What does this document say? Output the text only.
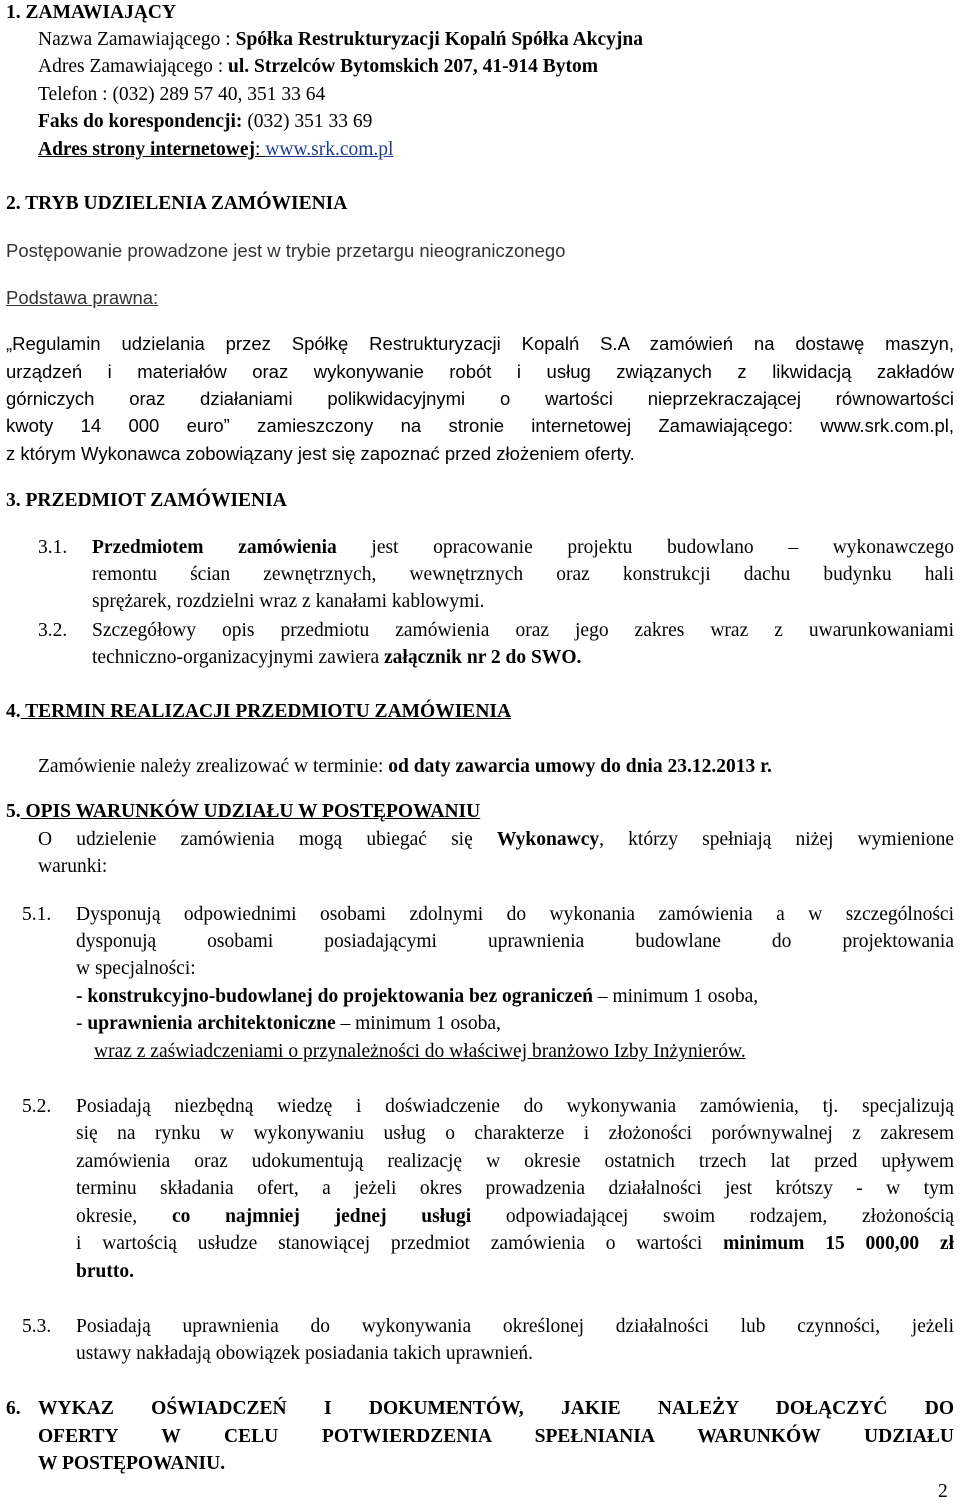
1. ZAMAWIAJĄCY
Nazwa Zamawiającego : Spółka Restrukturyzacji Kopalń Spółka Akcyjna
Adres Zamawiającego : ul. Strzelców Bytomskich 207, 41-914 Bytom
Telefon : (032) 289 57 40, 351 33 64
Faks do korespondencji: (032) 351 33 69
Adres strony internetowej: www.srk.com.pl
2. TRYB UDZIELENIA ZAMÓWIENIA
Postępowanie prowadzone jest w trybie przetargu nieograniczonego
Podstawa prawna:
„Regulamin udzielania przez Spółkę Restrukturyzacji Kopalń S.A zamówień na dostawę maszyn,
urządzeń i materiałów oraz wykonywanie robót i usług związanych z likwidacją zakładów
górniczych oraz działaniami polikwidacyjnymi o wartości nieprzekraczającej równowartości
kwoty 14 000 euro” zamieszczony na stronie internetowej Zamawiającego: www.srk.com.pl,
z którym Wykonawca zobowiązany jest się zapoznać przed złożeniem oferty.
3. PRZEDMIOT ZAMÓWIENIA
3.1. Przedmiotem zamówienia jest opracowanie projektu budowlano – wykonawczego
remontu ścian zewnętrznych, wewnętrznych oraz konstrukcji dachu budynku hali
sprężarek, rozdzielni wraz z kanałami kablowymi.
3.2. Szczegółowy opis przedmiotu zamówienia oraz jego zakres wraz z uwarunkowaniami
techniczno-organizacyjnymi zawiera załącznik nr 2 do SWO.
4. TERMIN REALIZACJI PRZEDMIOTU ZAMÓWIENIA
Zamówienie należy zrealizować w terminie: od daty zawarcia umowy do dnia 23.12.2013 r.
5. OPIS WARUNKÓW UDZIAŁU W POSTĘPOWANIU
O udzielenie zamówienia mogą ubiegać się Wykonawcy, którzy spełniają niżej wymienione
warunki:
5.1. Dysponują odpowiednimi osobami zdolnymi do wykonania zamówienia a w szczególności
dysponują osobami posiadającymi uprawnienia budowlane do projektowania
w specjalności:
- konstrukcyjno-budowlanej do projektowania bez ograniczeń – minimum 1 osoba,
- uprawnienia architektoniczne – minimum 1 osoba,
wraz z zaświadczeniami o przynależności do właściwej branżowo Izby Inżynierów.
5.2. Posiadają niezbędną wiedzę i doświadczenie do wykonywania zamówienia, tj. specjalizują
się na rynku w wykonywaniu usług o charakterze i złożoności porównywalnej z zakresem
zamówienia oraz udokumentują realizację w okresie ostatnich trzech lat przed upływem
terminu składania ofert, a jeżeli okres prowadzenia działalności jest krótszy - w tym
okresie, co najmniej jednej usługi odpowiadającej swoim rodzajem, złożonością
i wartością usłudze stanowiącej przedmiot zamówienia o wartości minimum 15 000,00 zł
brutto.
5.3. Posiadają uprawnienia do wykonywania określonej działalności lub czynności, jeżeli
ustawy nakładają obowiązek posiadania takich uprawnień.
6. WYKAZ OŚWIADCZEŃ I DOKUMENTÓW, JAKIE NALEŻY DOŁĄCZYĆ DO
OFERTY W CELU POTWIERDZENIA SPEŁNIANIA WARUNKÓW UDZIAŁU
W POSTĘPOWANIU.
2
